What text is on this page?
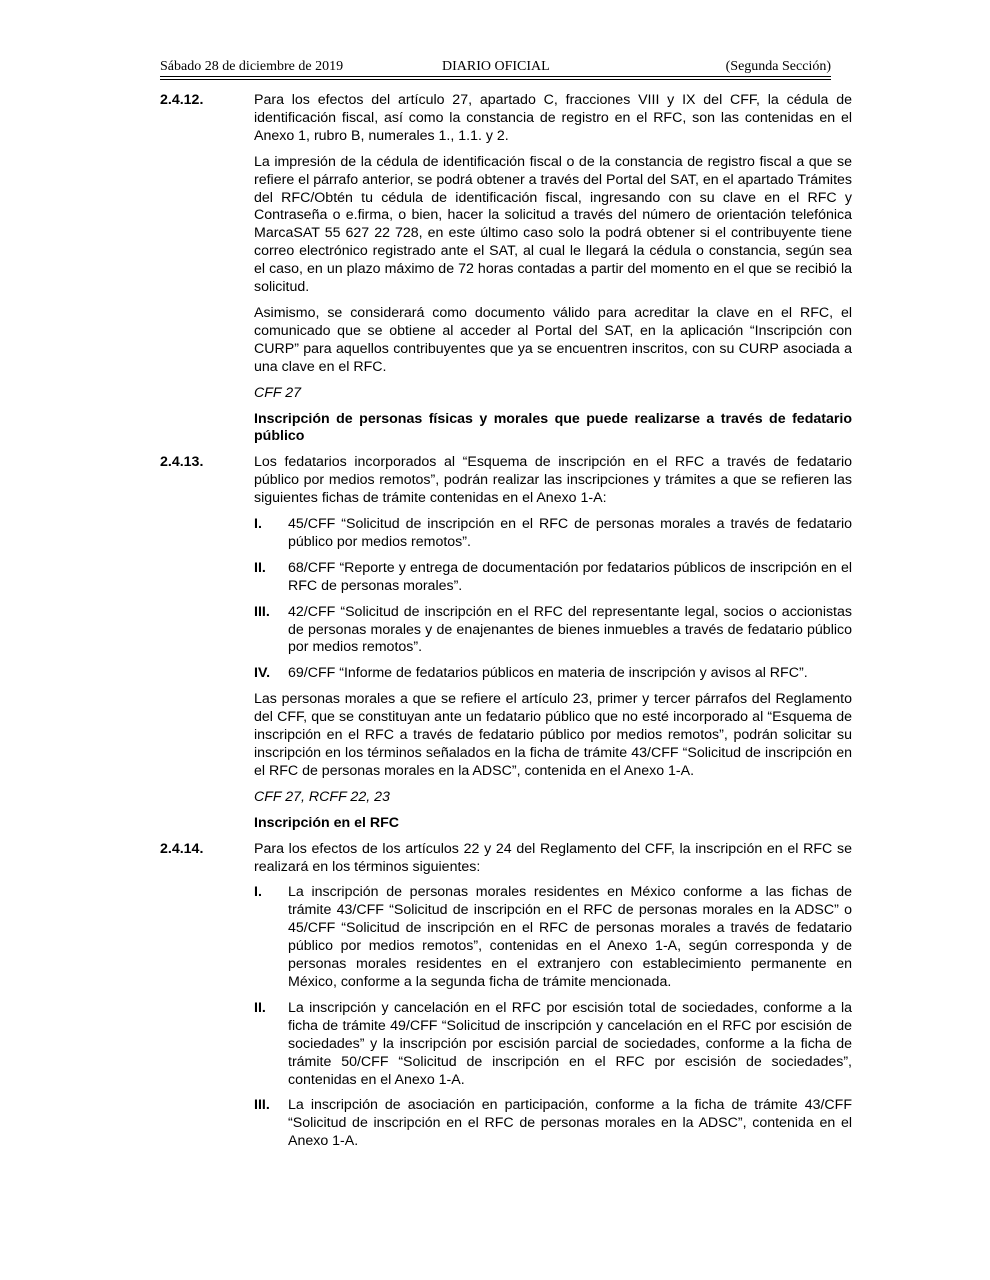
Sábado 28 de diciembre de 2019	DIARIO OFICIAL	(Segunda Sección)
2.4.12.	Para los efectos del artículo 27, apartado C, fracciones VIII y IX del CFF, la cédula de identificación fiscal, así como la constancia de registro en el RFC, son las contenidas en el Anexo 1, rubro B, numerales 1., 1.1. y 2.

La impresión de la cédula de identificación fiscal o de la constancia de registro fiscal a que se refiere el párrafo anterior, se podrá obtener a través del Portal del SAT, en el apartado Trámites del RFC/Obtén tu cédula de identificación fiscal, ingresando con su clave en el RFC y Contraseña o e.firma, o bien, hacer la solicitud a través del número de orientación telefónica MarcaSAT 55 627 22 728, en este último caso solo la podrá obtener si el contribuyente tiene correo electrónico registrado ante el SAT, al cual le llegará la cédula o constancia, según sea el caso, en un plazo máximo de 72 horas contadas a partir del momento en el que se recibió la solicitud.

Asimismo, se considerará como documento válido para acreditar la clave en el RFC, el comunicado que se obtiene al acceder al Portal del SAT, en la aplicación “Inscripción con CURP” para aquellos contribuyentes que ya se encuentren inscritos, con su CURP asociada a una clave en el RFC.

CFF 27
Inscripción de personas físicas y morales que puede realizarse a través de fedatario público
2.4.13.	Los fedatarios incorporados al “Esquema de inscripción en el RFC a través de fedatario público por medios remotos”, podrán realizar las inscripciones y trámites a que se refieren las siguientes fichas de trámite contenidas en el Anexo 1-A:

I.	45/CFF “Solicitud de inscripción en el RFC de personas morales a través de fedatario público por medios remotos”.
II.	68/CFF “Reporte y entrega de documentación por fedatarios públicos de inscripción en el RFC de personas morales”.
III.	42/CFF “Solicitud de inscripción en el RFC del representante legal, socios o accionistas de personas morales y de enajenantes de bienes inmuebles a través de fedatario público por medios remotos”.
IV.	69/CFF “Informe de fedatarios públicos en materia de inscripción y avisos al RFC”.

Las personas morales a que se refiere el artículo 23, primer y tercer párrafos del Reglamento del CFF, que se constituyan ante un fedatario público que no esté incorporado al “Esquema de inscripción en el RFC a través de fedatario público por medios remotos”, podrán solicitar su inscripción en los términos señalados en la ficha de trámite 43/CFF “Solicitud de inscripción en el RFC de personas morales en la ADSC”, contenida en el Anexo 1-A.

CFF 27, RCFF 22, 23
Inscripción en el RFC
2.4.14.	Para los efectos de los artículos 22 y 24 del Reglamento del CFF, la inscripción en el RFC se realizará en los términos siguientes:

I.	La inscripción de personas morales residentes en México conforme a las fichas de trámite 43/CFF “Solicitud de inscripción en el RFC de personas morales en la ADSC” o 45/CFF “Solicitud de inscripción en el RFC de personas morales a través de fedatario público por medios remotos”, contenidas en el Anexo 1-A, según corresponda y de personas morales residentes en el extranjero con establecimiento permanente en México, conforme a la segunda ficha de trámite mencionada.
II.	La inscripción y cancelación en el RFC por escisión total de sociedades, conforme a la ficha de trámite 49/CFF “Solicitud de inscripción y cancelación en el RFC por escisión de sociedades” y la inscripción por escisión parcial de sociedades, conforme a la ficha de trámite 50/CFF “Solicitud de inscripción en el RFC por escisión de sociedades”, contenidas en el Anexo 1-A.
III.	La inscripción de asociación en participación, conforme a la ficha de trámite 43/CFF “Solicitud de inscripción en el RFC de personas morales en la ADSC”, contenida en el Anexo 1-A.
